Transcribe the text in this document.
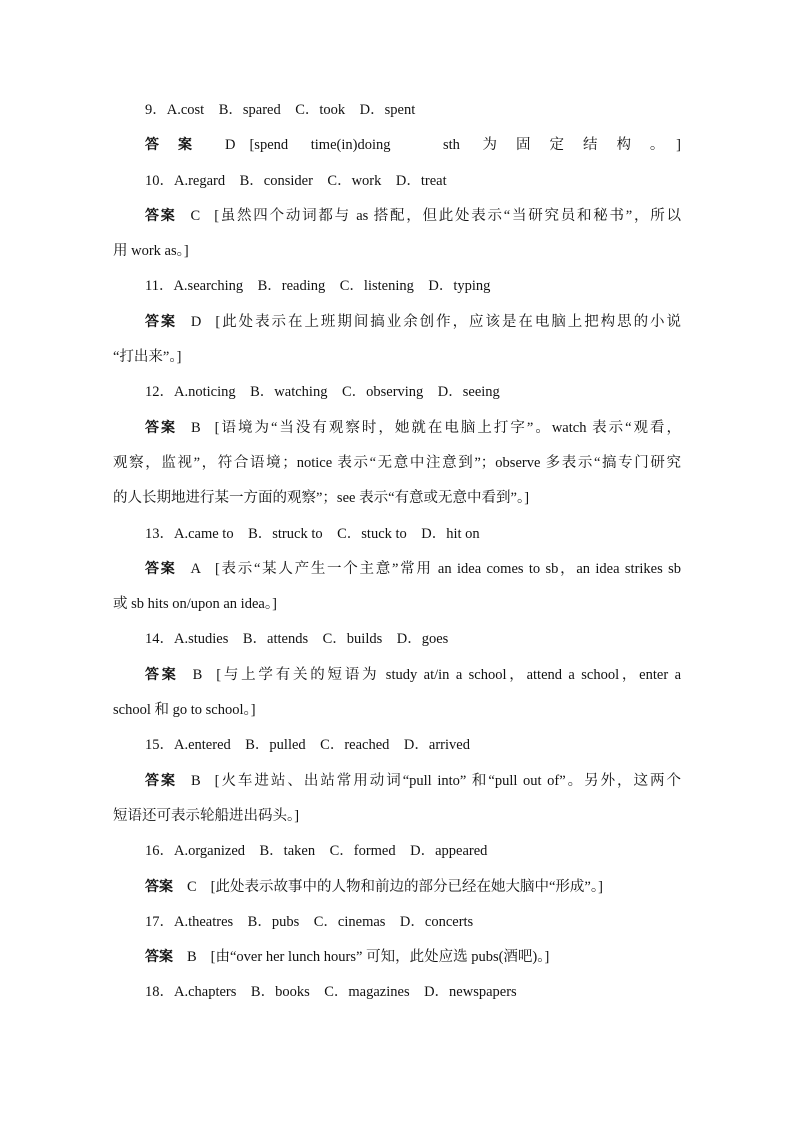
9．A.cost　B．spared　C．took　D．spent
答案 D [spend time(in)doing　sth 为固定结构。]
10．A.regard　B．consider　C．work　D．treat
答案 C [虽然四个动词都与 as 搭配，但此处表示“当研究员和秘书”，所以
用 work as。]
11．A.searching　B．reading　C．listening　D．typing
答案 D [此处表示在上班期间搞业余创作，应该是在电脑上把构思的小说
“打出来”。]
12．A.noticing　B．watching　C．observing　D．seeing
答案 B [语境为“当没有观察时，她就在电脑上打字”。watch 表示“观看，
观察，监视”，符合语境；notice 表示“无意中注意到”；observe 多表示“搞专门研究
的人长期地进行某一方面的观察”；see 表示“有意或无意中看到”。]
13．A.came to　B．struck to　C．stuck to　D．hit on
答案 A [表示“某人产生一个主意”常用 an idea comes to sb，an idea strikes sb
或 sb hits on/upon an idea。]
14．A.studies　B．attends　C．builds　D．goes
答案 B [与上学有关的短语为 study at/in a school，attend a school，enter a
school 和 go to school。]
15．A.entered　B．pulled　C．reached　D．arrived
答案 B [火车进站、出站常用动词“pull into” 和“pull out of”。另外，这两个
短语还可表示轮船进出码头。]
16．A.organized　B．taken　C．formed　D．appeared
答案 C [此处表示故事中的人物和前边的部分已经在她大脑中“形成”。]
17．A.theatres　B．pubs　C．cinemas　D．concerts
答案 B [由“over her lunch hours” 可知，此处应选 pubs(酒吧)。]
18．A.chapters　B．books　C．magazines　D．newspapers
